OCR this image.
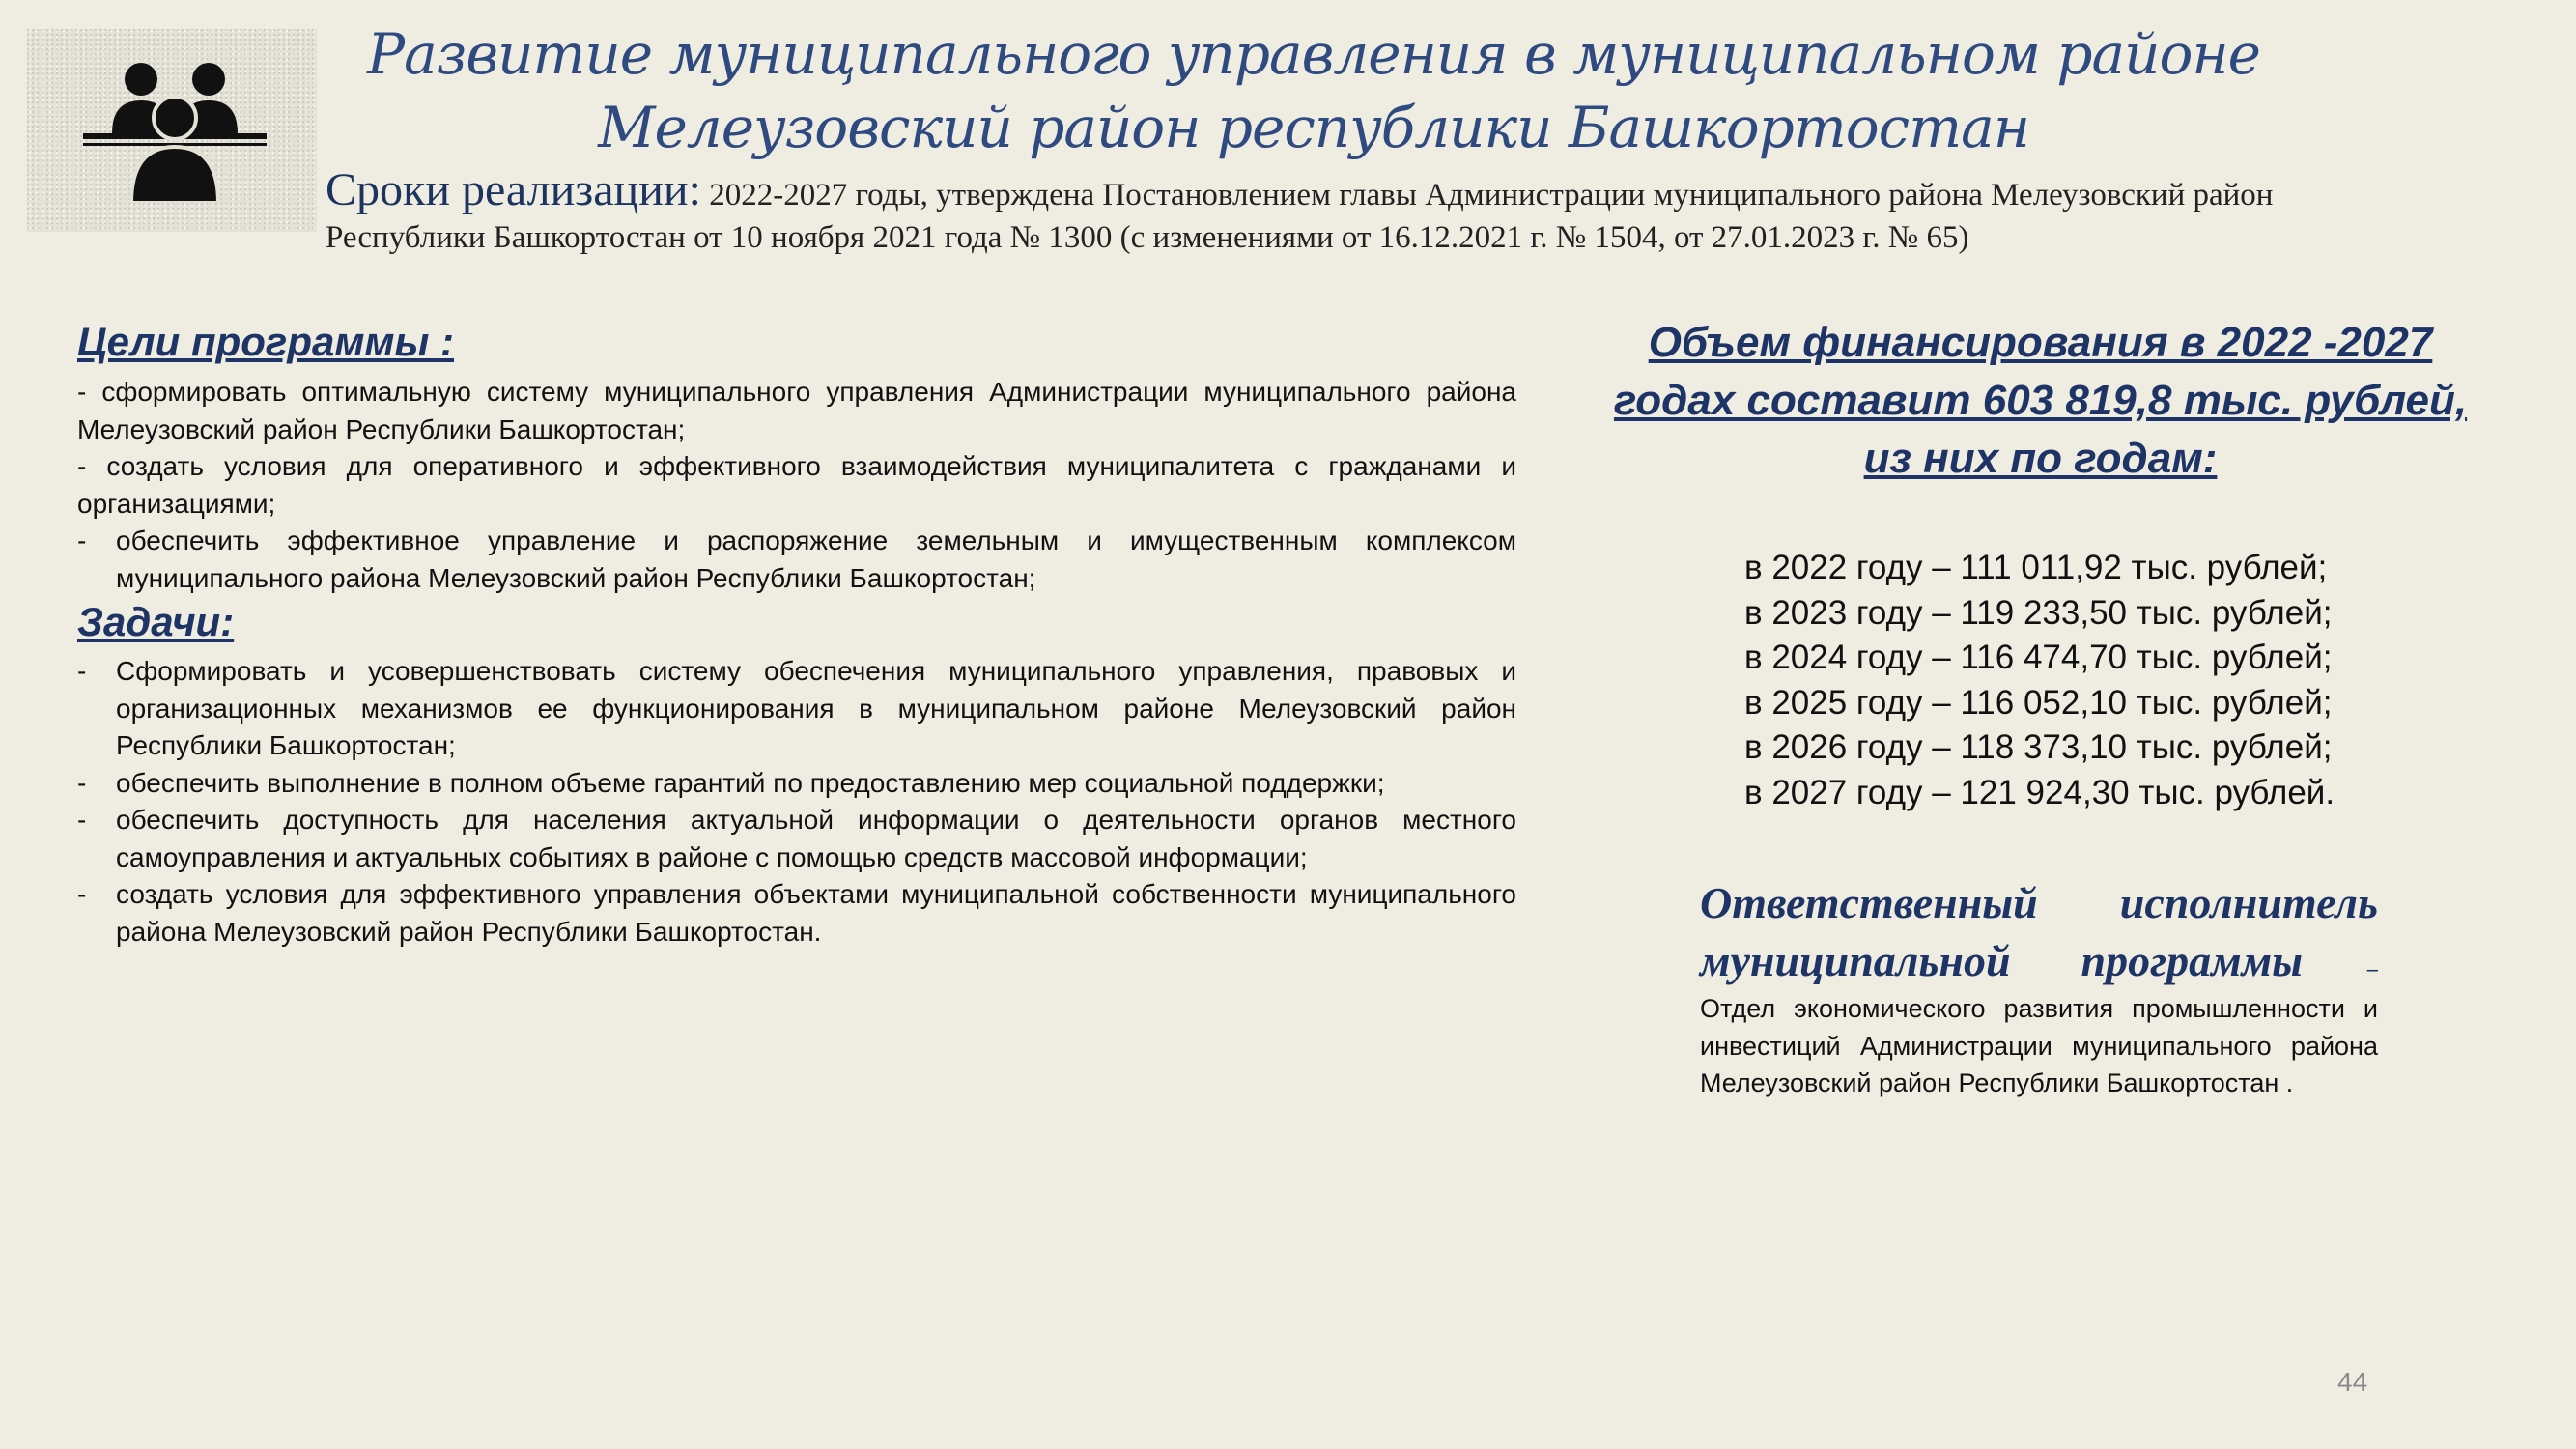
Развитие муниципального управления в муниципальном районе Мелеузовский район республики Башкортостан
Сроки реализации: 2022-2027 годы, утверждена Постановлением главы Администрации муниципального района Мелеузовский район Республики Башкортостан от 10 ноября 2021 года № 1300 (с изменениями от 16.12.2021 г. № 1504, от 27.01.2023 г. № 65)
Цели программы :
- сформировать оптимальную систему муниципального управления Администрации муниципального района Мелеузовский район Республики Башкортостан;
- создать условия для оперативного и эффективного взаимодействия муниципалитета с гражданами и организациями;
- обеспечить эффективное управление и распоряжение земельным и имущественным комплексом муниципального района Мелеузовский район Республики Башкортостан;
Задачи:
- Сформировать и усовершенствовать систему обеспечения муниципального управления, правовых и организационных механизмов ее функционирования в муниципальном районе Мелеузовский район Республики Башкортостан;
- обеспечить выполнение в полном объеме гарантий по предоставлению мер социальной поддержки;
- обеспечить доступность для населения актуальной информации о деятельности органов местного самоуправления и актуальных событиях в районе с помощью средств массовой информации;
- создать условия для эффективного управления объектами муниципальной собственности муниципального района Мелеузовский район Республики Башкортостан.
Объем финансирования в 2022 -2027 годах составит 603 819,8 тыс. рублей, из них по годам:
в 2022 году – 111 011,92 тыс. рублей;
в 2023 году – 119 233,50 тыс. рублей;
в 2024 году – 116 474,70 тыс. рублей;
в 2025 году – 116 052,10 тыс. рублей;
в 2026 году – 118 373,10 тыс. рублей;
в 2027 году – 121 924,30 тыс. рублей.
Ответственный исполнитель муниципальной программы –
Отдел экономического развития промышленности и инвестиций Администрации муниципального района Мелеузовский район Республики Башкортостан .
44
